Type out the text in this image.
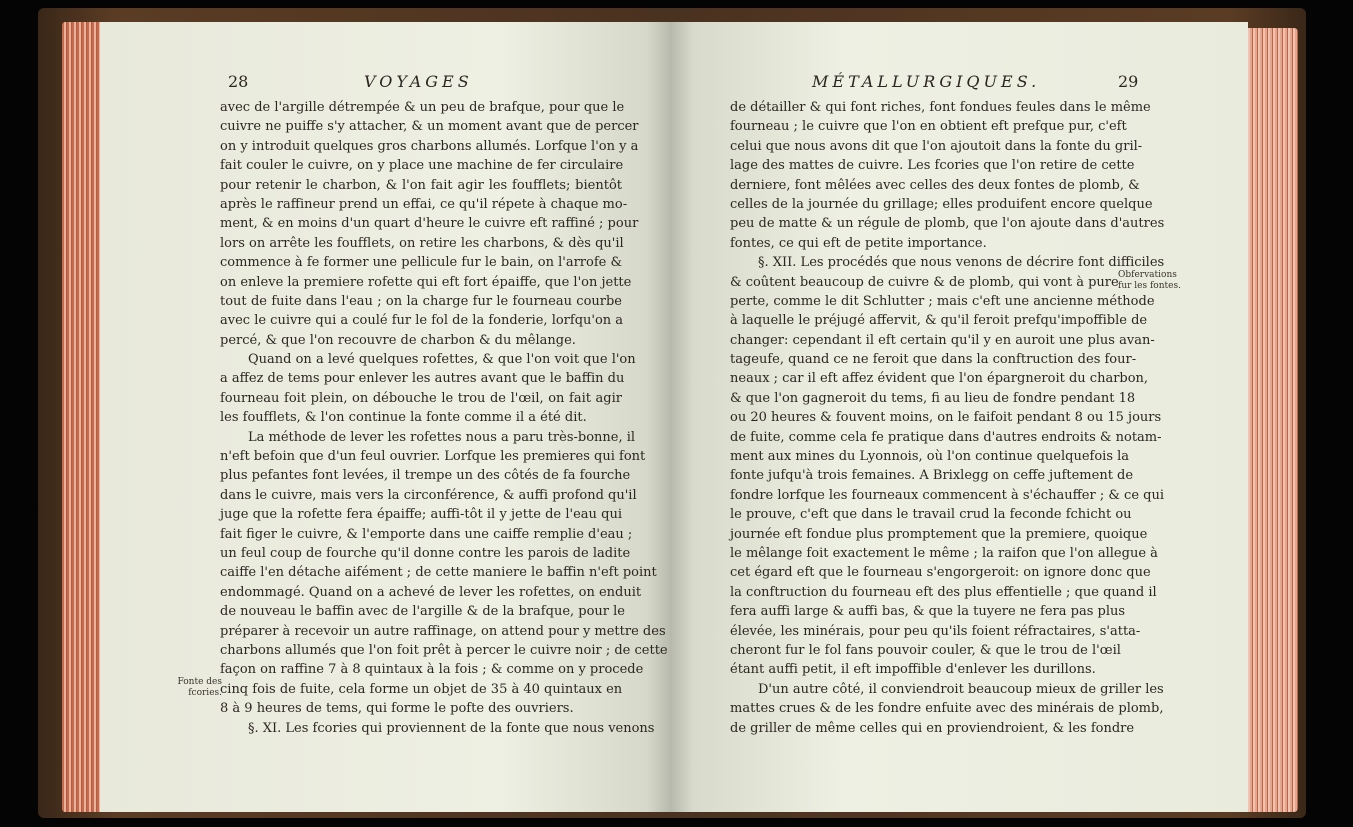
28	VOYAGES
avec de l'argille détrempée & un peu de brafque, pour que le
cuivre ne puiffe s'y attacher, & un moment avant que de percer
on y introduit quelques gros charbons allumés. Lorfque l'on y a
fait couler le cuivre, on y place une machine de fer circulaire
pour retenir le charbon, & l'on fait agir les foufflets; bientôt
après le raffineur prend un effai, ce qu'il répete à chaque mo-
ment, & en moins d'un quart d'heure le cuivre eft raffiné ; pour
lors on arrête les foufflets, on retire les charbons, & dès qu'il
commence à fe former une pellicule fur le bain, on l'arrofe &
on enleve la premiere rofette qui eft fort épaiffe, que l'on jette
tout de fuite dans l'eau ; on la charge fur le fourneau courbe
avec le cuivre qui a coulé fur le fol de la fonderie, lorfqu'on a
percé, & que l'on recouvre de charbon & du mêlange.
Quand on a levé quelques rofettes, & que l'on voit que l'on
a affez de tems pour enlever les autres avant que le baffin du
fourneau foit plein, on débouche le trou de l'œil, on fait agir
les foufflets, & l'on continue la fonte comme il a été dit.
La méthode de lever les rofettes nous a paru très-bonne, il
n'eft befoin que d'un feul ouvrier. Lorfque les premieres qui font
plus pefantes font levées, il trempe un des côtés de fa fourche
dans le cuivre, mais vers la circonférence, & auffi profond qu'il
juge que la rofette fera épaiffe; auffi-tôt il y jette de l'eau qui
fait figer le cuivre, & l'emporte dans une caiffe remplie d'eau ;
un feul coup de fourche qu'il donne contre les parois de ladite
caiffe l'en détache aifément ; de cette maniere le baffin n'eft point
endommagé. Quand on a achevé de lever les rofettes, on enduit
de nouveau le baffin avec de l'argille & de la brafque, pour le
préparer à recevoir un autre raffinage, on attend pour y mettre des
charbons allumés que l'on foit prêt à percer le cuivre noir ; de cette
façon on raffine 7 à 8 quintaux à la fois ; & comme on y procede
cinq fois de fuite, cela forme un objet de 35 à 40 quintaux en
8 à 9 heures de tems, qui forme le pofte des ouvriers.
§. XI. Les fcories qui proviennent de la fonte que nous venons
Fonte des
fcories.
MÉTALLURGIQUES.	29
de détailler & qui font riches, font fondues feules dans le même
fourneau ; le cuivre que l'on en obtient eft prefque pur, c'eft
celui que nous avons dit que l'on ajoutoit dans la fonte du gril-
lage des mattes de cuivre. Les fcories que l'on retire de cette
derniere, font mêlées avec celles des deux fontes de plomb, &
celles de la journée du grillage; elles produifent encore quelque
peu de matte & un régule de plomb, que l'on ajoute dans d'autres
fontes, ce qui eft de petite importance.
§. XII. Les procédés que nous venons de décrire font difficiles
& coûtent beaucoup de cuivre & de plomb, qui vont à pure
perte, comme le dit Schlutter ; mais c'eft une ancienne méthode
à laquelle le préjugé affervit, & qu'il feroit prefqu'impoffible de
changer: cependant il eft certain qu'il y en auroit une plus avan-
tageufe, quand ce ne feroit que dans la conftruction des four-
neaux ; car il eft affez évident que l'on épargneroit du charbon,
& que l'on gagneroit du tems, fi au lieu de fondre pendant 18
ou 20 heures & fouvent moins, on le faifoit pendant 8 ou 15 jours
de fuite, comme cela fe pratique dans d'autres endroits & notam-
ment aux mines du Lyonnois, où l'on continue quelquefois la
fonte jufqu'à trois femaines. A Brixlegg on ceffe juftement de
fondre lorfque les fourneaux commencent à s'échauffer ; & ce qui
le prouve, c'eft que dans le travail crud la feconde fchicht ou
journée eft fondue plus promptement que la premiere, quoique
le mêlange foit exactement le même ; la raifon que l'on allegue à
cet égard eft que le fourneau s'engorgeroit: on ignore donc que
la conftruction du fourneau eft des plus effentielle ; que quand il
fera auffi large & auffi bas, & que la tuyere ne fera pas plus
élevée, les minérais, pour peu qu'ils foient réfractaires, s'atta-
cheront fur le fol fans pouvoir couler, & que le trou de l'œil
étant auffi petit, il eft impoffible d'enlever les durillons.
D'un autre côté, il conviendroit beaucoup mieux de griller les
mattes crues & de les fondre enfuite avec des minérais de plomb,
de griller de même celles qui en proviendroient, & les fondre
Obfervations
fur les fontes.
